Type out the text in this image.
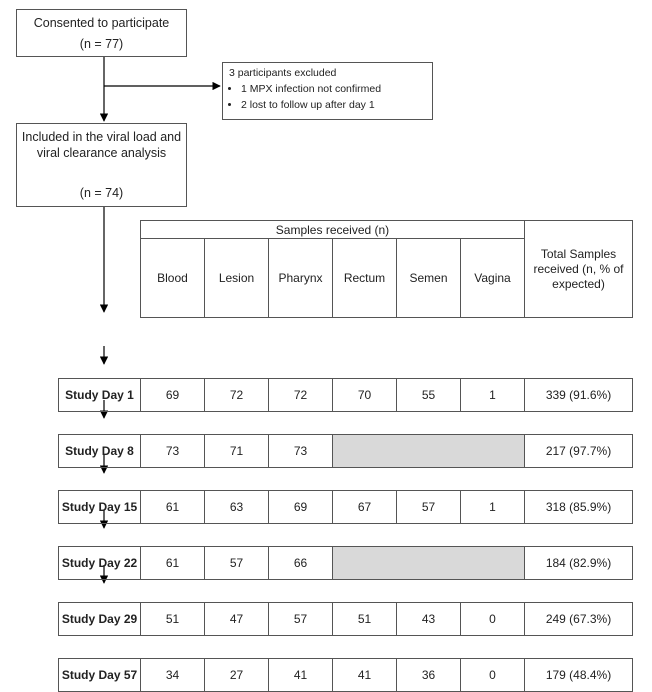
Consented to participate
(n = 77)
3 participants excluded
• 1 MPX infection not confirmed
• 2 lost to follow up after day 1
Included in the viral load and viral clearance analysis
(n = 74)
	Samples received (n)						Total Samples received (n, % of expected)
	Blood	Lesion	Pharynx	Rectum	Semen	Vagina	

Study Day 1	69	72	72	70	55	1	339 (91.6%)

Study Day 8	73	71	73				217 (97.7%)

Study Day 15	61	63	69	67	57	1	318 (85.9%)

Study Day 22	61	57	66				184 (82.9%)

Study Day 29	51	47	57	51	43	0	249 (67.3%)

Study Day 57	34	27	41	41	36	0	179 (48.4%)
